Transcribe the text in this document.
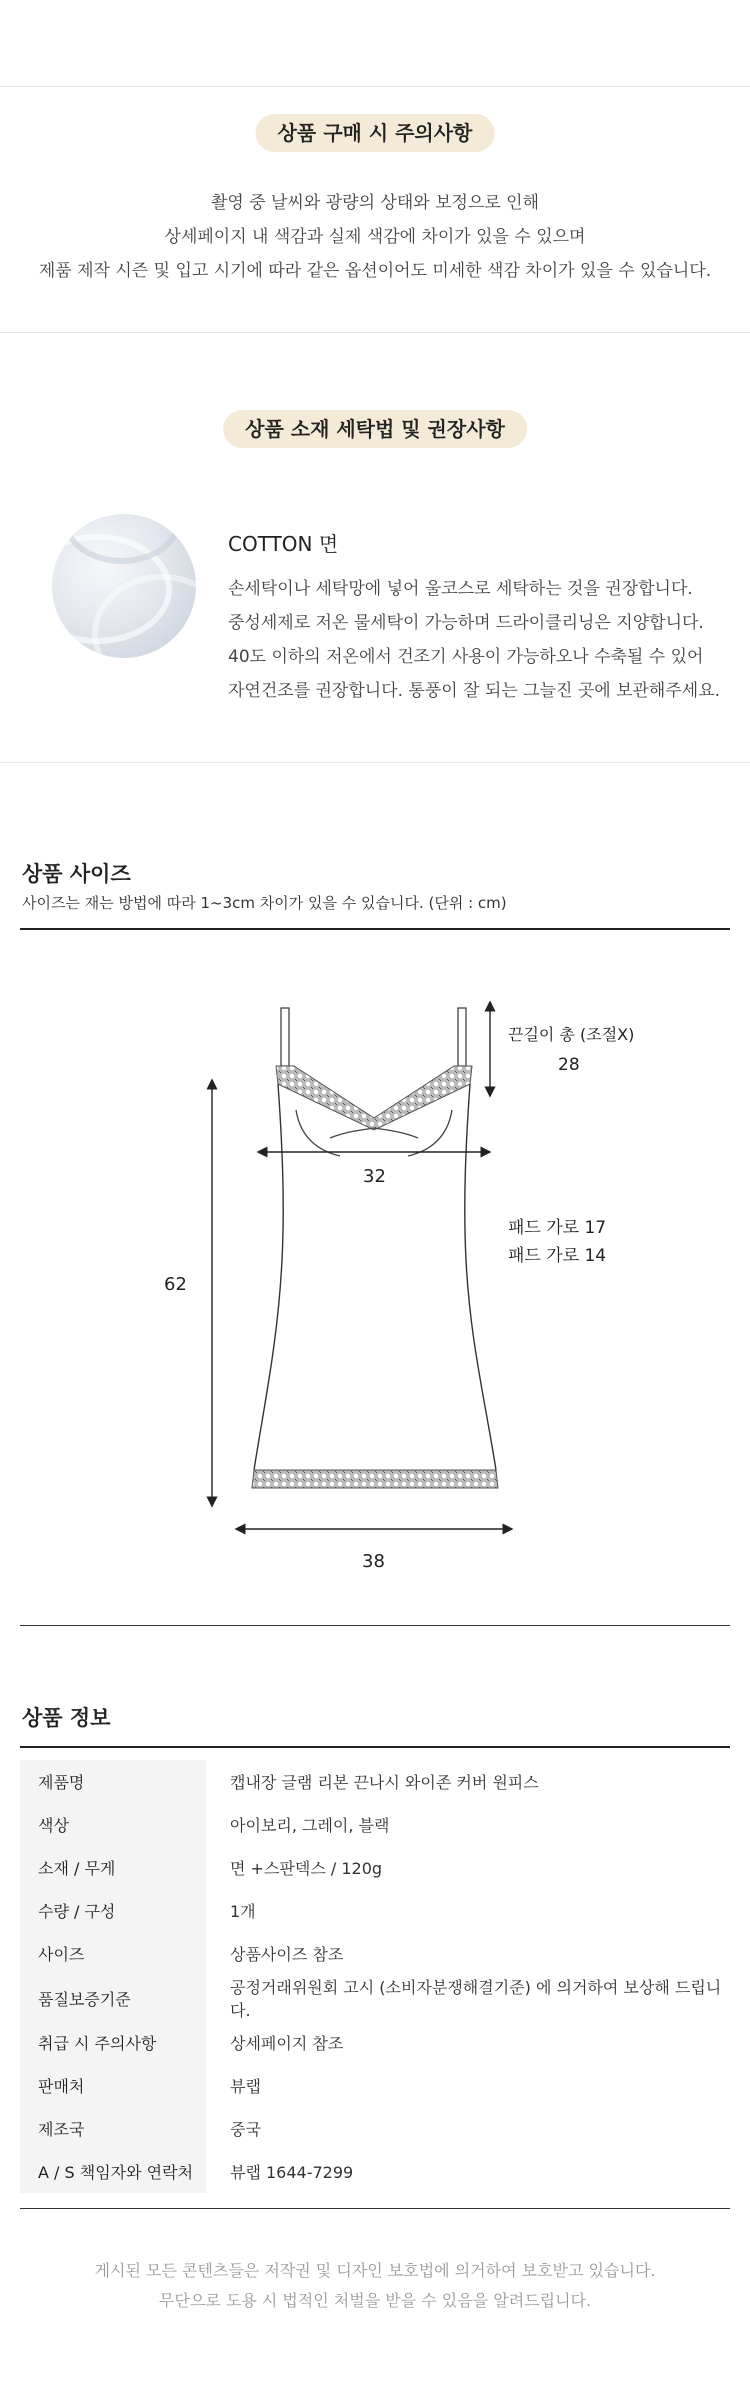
상품 구매 시 주의사항
촬영 중 날씨와 광량의 상태와 보정으로 인해
상세페이지 내 색감과 실제 색감에 차이가 있을 수 있으며
제품 제작 시즌 및 입고 시기에 따라 같은 옵션이어도 미세한 색감 차이가 있을 수 있습니다.
상품 소재 세탁법 및 권장사항
COTTON 면
손세탁이나 세탁망에 넣어 울코스로 세탁하는 것을 권장합니다.
중성세제로 저온 물세탁이 가능하며 드라이클리닝은 지양합니다.
40도 이하의 저온에서 건조기 사용이 가능하오나 수축될 수 있어
자연건조를 권장합니다. 통풍이 잘 되는 그늘진 곳에 보관해주세요.
상품 사이즈
사이즈는 재는 방법에 따라 1~3cm 차이가 있을 수 있습니다. (단위 : cm)
끈길이 총 (조절X)
28
32
패드 가로 17
패드 가로 14
62
38
상품 정보
제품명	캡내장 글램 리본 끈나시 와이존 커버 원피스
색상	아이보리, 그레이, 블랙
소재 / 무게	면 +스판덱스 / 120g
수량 / 구성	1개
사이즈	상품사이즈 참조
품질보증기준	공정거래위원회 고시 (소비자분쟁해결기준) 에 의거하여 보상해 드립니다.
취급 시 주의사항	상세페이지 참조
판매처	뷰랩
제조국	중국
A / S 책임자와 연락처	뷰랩 1644-7299
게시된 모든 콘텐츠들은 저작권 및 디자인 보호법에 의거하여 보호받고 있습니다.
무단으로 도용 시 법적인 처벌을 받을 수 있음을 알려드립니다.
